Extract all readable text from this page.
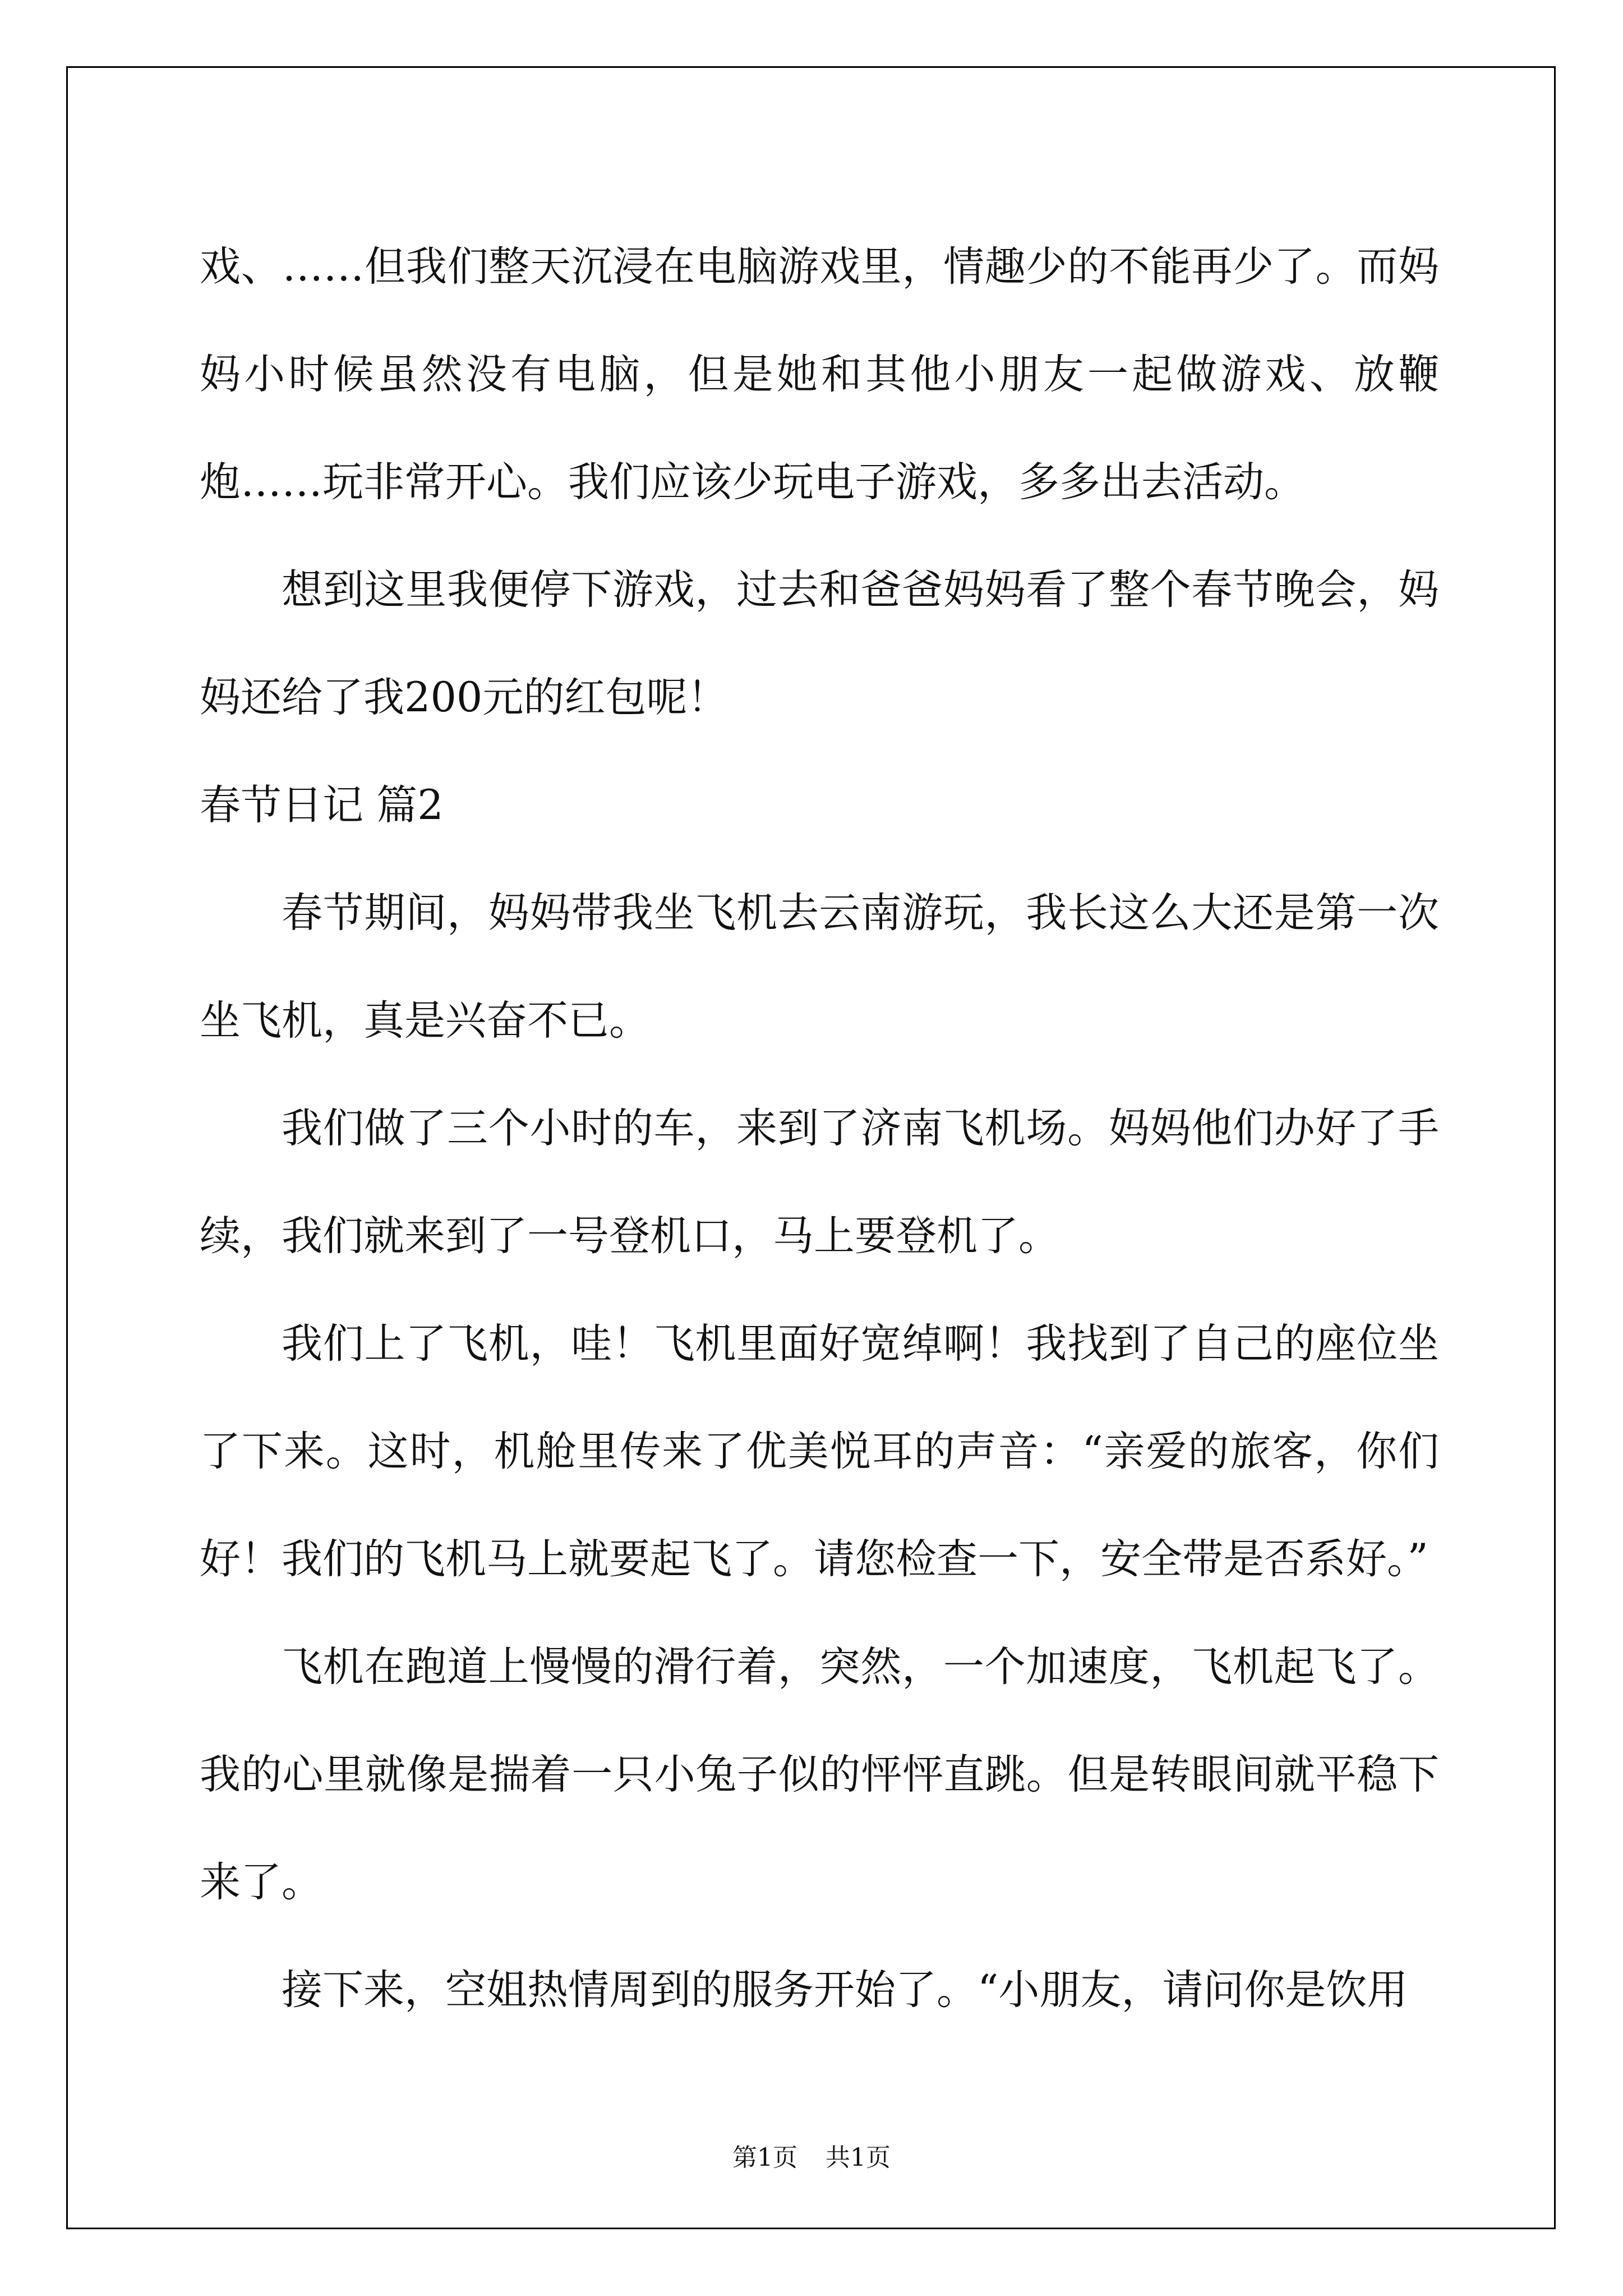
戏、……但我们整天沉浸在电脑游戏里，情趣少的不能再少了。而妈妈小时候虽然没有电脑，但是她和其他小朋友一起做游戏、放鞭炮……玩非常开心。我们应该少玩电子游戏，多多出去活动。

想到这里我便停下游戏，过去和爸爸妈妈看了整个春节晚会，妈妈还给了我200元的红包呢！

春节日记 篇2

春节期间，妈妈带我坐飞机去云南游玩，我长这么大还是第一次坐飞机，真是兴奋不已。

我们做了三个小时的车，来到了济南飞机场。妈妈他们办好了手续，我们就来到了一号登机口，马上要登机了。

我们上了飞机，哇！飞机里面好宽绰啊！我找到了自己的座位坐了下来。这时，机舱里传来了优美悦耳的声音：“亲爱的旅客，你们好！我们的飞机马上就要起飞了。请您检查一下，安全带是否系好。”

飞机在跑道上慢慢的滑行着，突然，一个加速度，飞机起飞了。我的心里就像是揣着一只小兔子似的怦怦直跳。但是转眼间就平稳下来了。

接下来，空姐热情周到的服务开始了。“小朋友，请问你是饮用

第1页 共1页
